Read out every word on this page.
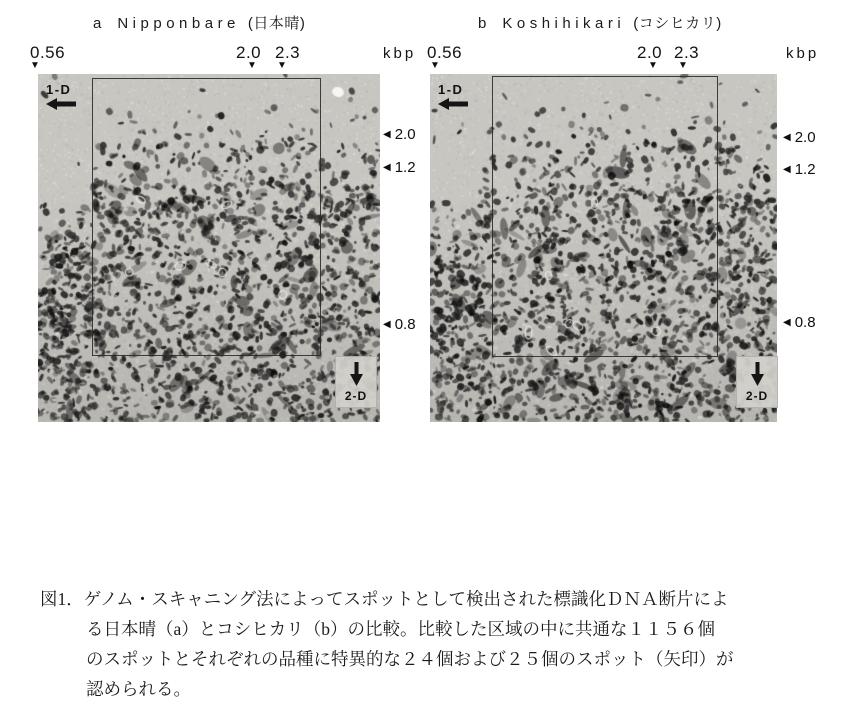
a Nipponbare (日本晴)
0.56	2.0 2.3	kbp
▼	▼ ▼
1-D
2-D
◀ 2.0
◀ 1.2
◀ 0.8
b Koshihikari (コシヒカリ)
0.56	2.0 2.3	kbp
▼	▼ ▼
1-D
2-D
◀ 2.0
◀ 1.2
◀ 0.8
図1．ゲノム・スキャニング法によってスポットとして検出された標識化ＤＮＡ断片によ
る日本晴（a）とコシヒカリ（b）の比較。比較した区域の中に共通な１１５６個
のスポットとそれぞれの品種に特異的な２４個および２５個のスポット（矢印）が
認められる。
